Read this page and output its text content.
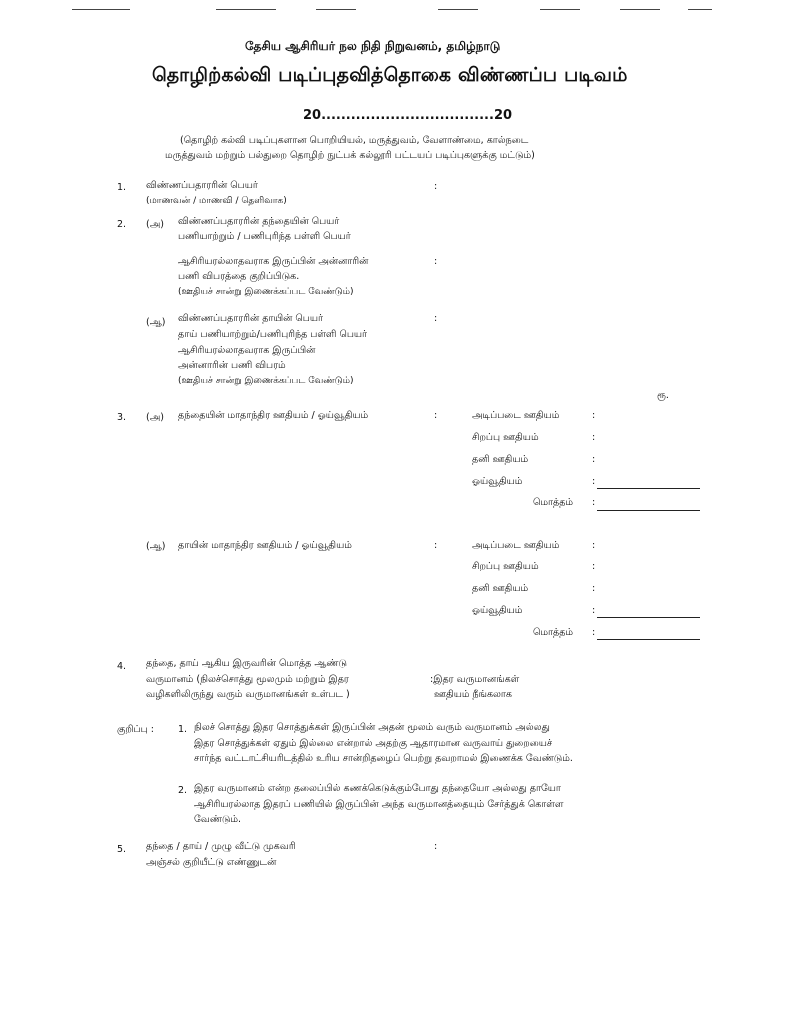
தேசிய ஆசிரியர் நல நிதி நிறுவனம், தமிழ்நாடு
தொழிற்கல்வி படிப்புதவித்தொகை விண்ணப்ப படிவம்
20...................................20
(தொழிற் கல்வி படிப்புகளான பொறியியல், மருத்துவம், வேளாண்மை, கால்நடை
மருத்துவம் மற்றும் பல்துறை தொழிற் நுட்பக் கல்லூரி பட்டயப் படிப்புகளுக்கு மட்டும்)
1. விண்ணப்பதாரரின் பெயர்
(மாணவன் / மாணவி / தெளிவாக)
:
2. (அ) விண்ணப்பதாரரின் தந்தையின் பெயர்
பணியாற்றும் / பணிபுரிந்த பள்ளி பெயர்
ஆசிரியரல்லாதவராக இருப்பின் அன்னாரின்	:
பணி விபரத்தை குறிப்பிடுக.
(ஊதியச் சான்று இணைக்கப்பட வேண்டும்)
(ஆ) விண்ணப்பதாரரின் தாயின் பெயர்	:
தாய் பணியாற்றும்/பணிபுரிந்த பள்ளி பெயர்
ஆசிரியரல்லாதவராக இருப்பின்
அன்னாரின் பணி விபரம்
(ஊதியச் சான்று இணைக்கப்பட வேண்டும்)
ரூ.
3. (அ) தந்தையின் மாதாந்திர ஊதியம் / ஓய்வூதியம்	:	அடிப்படை ஊதியம்	:
சிறப்பு ஊதியம்	:
தனி ஊதியம்	:
ஓய்வூதியம்	:
மொத்தம் :
(ஆ) தாயின் மாதாந்திர ஊதியம் / ஓய்வூதியம்	:	அடிப்படை ஊதியம்	:
சிறப்பு ஊதியம்	:
தனி ஊதியம்	:
ஓய்வூதியம்	:
மொத்தம் :
4. தந்தை, தாய் ஆகிய இருவரின் மொத்த ஆண்டு
வருமானம் (நிலச்சொத்து மூலமும் மற்றும் இதர
வழிகளிலிருந்து வரும் வருமானங்கள் உள்பட )
:இதர வருமானங்கள்
ஊதியம் நீங்கலாக
குறிப்பு :	1. நிலச் சொத்து இதர சொத்துக்கள் இருப்பின் அதன் மூலம் வரும் வருமானம் அல்லது
இதர சொத்துக்கள் ஏதும் இல்லை என்றால் அதற்கு ஆதாரமான வருவாய் துறையைச்
சார்ந்த வட்டாட்சியரிடத்தில் உரிய சான்றிதழைப் பெற்று தவறாமல் இணைக்க வேண்டும்.
2. இதர வருமானம் என்ற தலைப்பில் கணக்கெடுக்கும்போது தந்தையோ அல்லது தாயோ
ஆசிரியரல்லாத இதரப் பணியில் இருப்பின் அந்த வருமானத்தையும் சேர்த்துக் கொள்ள
வேண்டும்.
5. தந்தை / தாய் / முழு வீட்டு முகவரி	:
அஞ்சல் குறியீட்டு எண்ணுடன்
